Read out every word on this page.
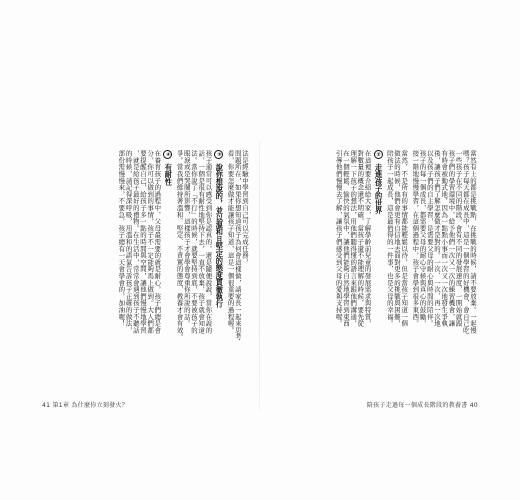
當然有上的都是挑戰點，在挑戰的時候，請不要放棄。一起慢
嗎？孩子每天都在成長中，這是一個學習的好機會，會自己吃
一些孩子在不同的階段，會有不同的發展速度，一開始就跟
孩子們的學習環境中，給予他們一次又一次的練習機會，讓
有時會被動式地，因為一點點小事而一次又一次地發生爭執
後，讓孩子們了解怎麼做才是對的。一次、一次、再一次地
以及孩子們的自主學習，是需要父母的耐心與時間的陪伴。
孩子的每一個成長，都需要父母的耐心守候與真心的鼓勵，
接一階地慢慢學習，在這個過程中，孩子會學到很多東西。
當然，不是所有的事情都能輕鬆以待，但是當孩子知道一個
做法的時候，他們會更有自信地去面對更多的挑戰與困難，
陪孩子一起成長，這是最值得的一件事，也是父母的幸福。
② 走進孩子的世界
在這裡要介紹給大家，了解學齡前兒童的發展需求與特質，
對數量的概念還不明確，當孩子還不能理解的時候，要先從
理解一下孩子的想法，用他們聽得懂的語言來跟他們溝通，
在一個輕鬆、愉快的氣氛中，讓他們能夠自然地學習到東西
引導他們慢慢去了解，讓孩子們感受到父母的愛與支持喔。
法是經驗中學習到自己可以完成任務，
問題所在，如果你想知道孩子為何會這樣做，請家長一起來思考
看，你要怎麼做才能讓孩子知道，這是一個很重要的過程喔。
③ 說你想說的，並以溫和且堅定的態度貫徹執行
孩子通常可以感受到你是認真的，還是隨便說說，當你在說的
話，一個是很有耐性地堅持下去，一直不放棄，孩子就會知道
法。當你說了『不行』的時候，就要堅持到底，不要被孩子的
眼淚或是哭鬧所影響，這樣孩子才會學會尊重你所說的話。
爭。當我們維持著溫和、堅定、不責罵的態度，教養才會有效。
④ 有耐性
在養育孩子的過程中，父母最需要的就是耐心，孩子們總是會
分，你可以做到的事情，孩子不一定能夠馬上做到。大人們都
要提醒自己，給孩子多一點的時間與空間，讓他們慢慢地學習
，就是給孩子最好的禮物。在生活中，常常會遇到孩子不聽話
的時候，請記得深呼吸，用溫和的語氣告訴孩子正確的做法，
部份需慢慢來，不要急，孩子總有一天會學會的，加油喔！
41 第1章 為什麼你立刻發火？	陪孩子走過每一個成長階段的教養書 40
